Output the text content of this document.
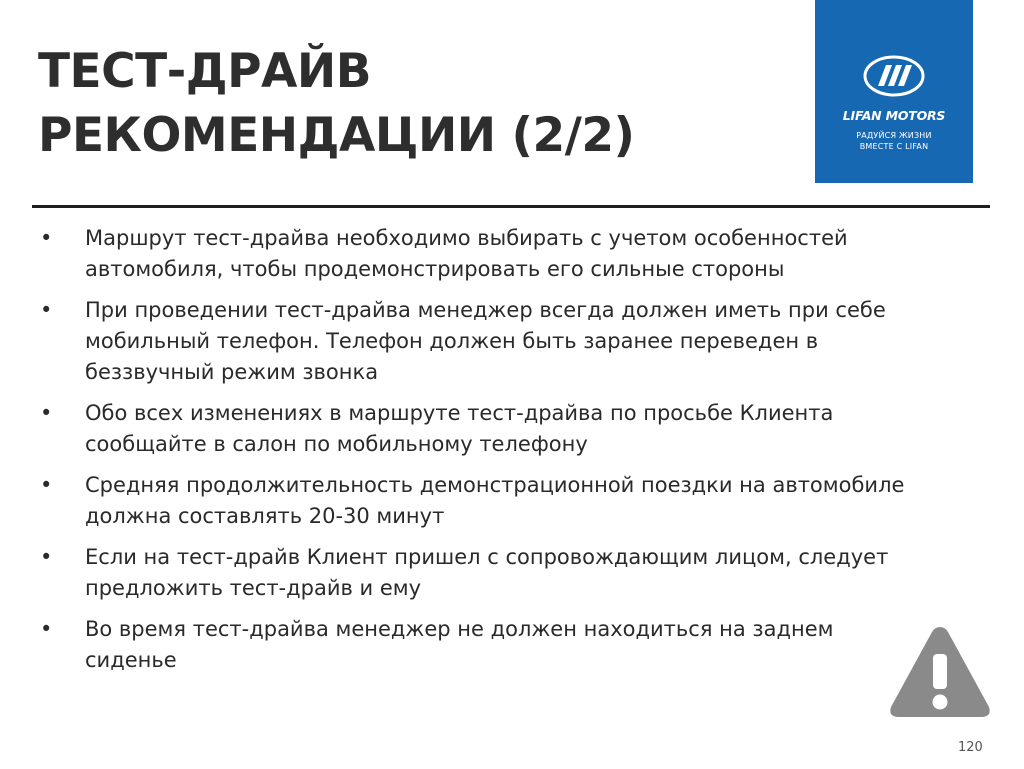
ТЕСТ-ДРАЙВ
РЕКОМЕНДАЦИИ (2/2)	LIFAN MOTORS
РАДУЙСЯ ЖИЗНИ
ВМЕСТЕ С LIFAN
• Маршрут тест-драйва необходимо выбирать с учетом особенностей
автомобиля, чтобы продемонстрировать его сильные стороны
• При проведении тест-драйва менеджер всегда должен иметь при себе
мобильный телефон. Телефон должен быть заранее переведен в
беззвучный режим звонка
• Обо всех изменениях в маршруте тест-драйва по просьбе Клиента
сообщайте в салон по мобильному телефону
• Средняя продолжительность демонстрационной поездки на автомобиле
должна составлять 20-30 минут
• Если на тест-драйв Клиент пришел с сопровождающим лицом, следует
предложить тест-драйв и ему
• Во время тест-драйва менеджер не должен находиться на заднем
сиденье
120
